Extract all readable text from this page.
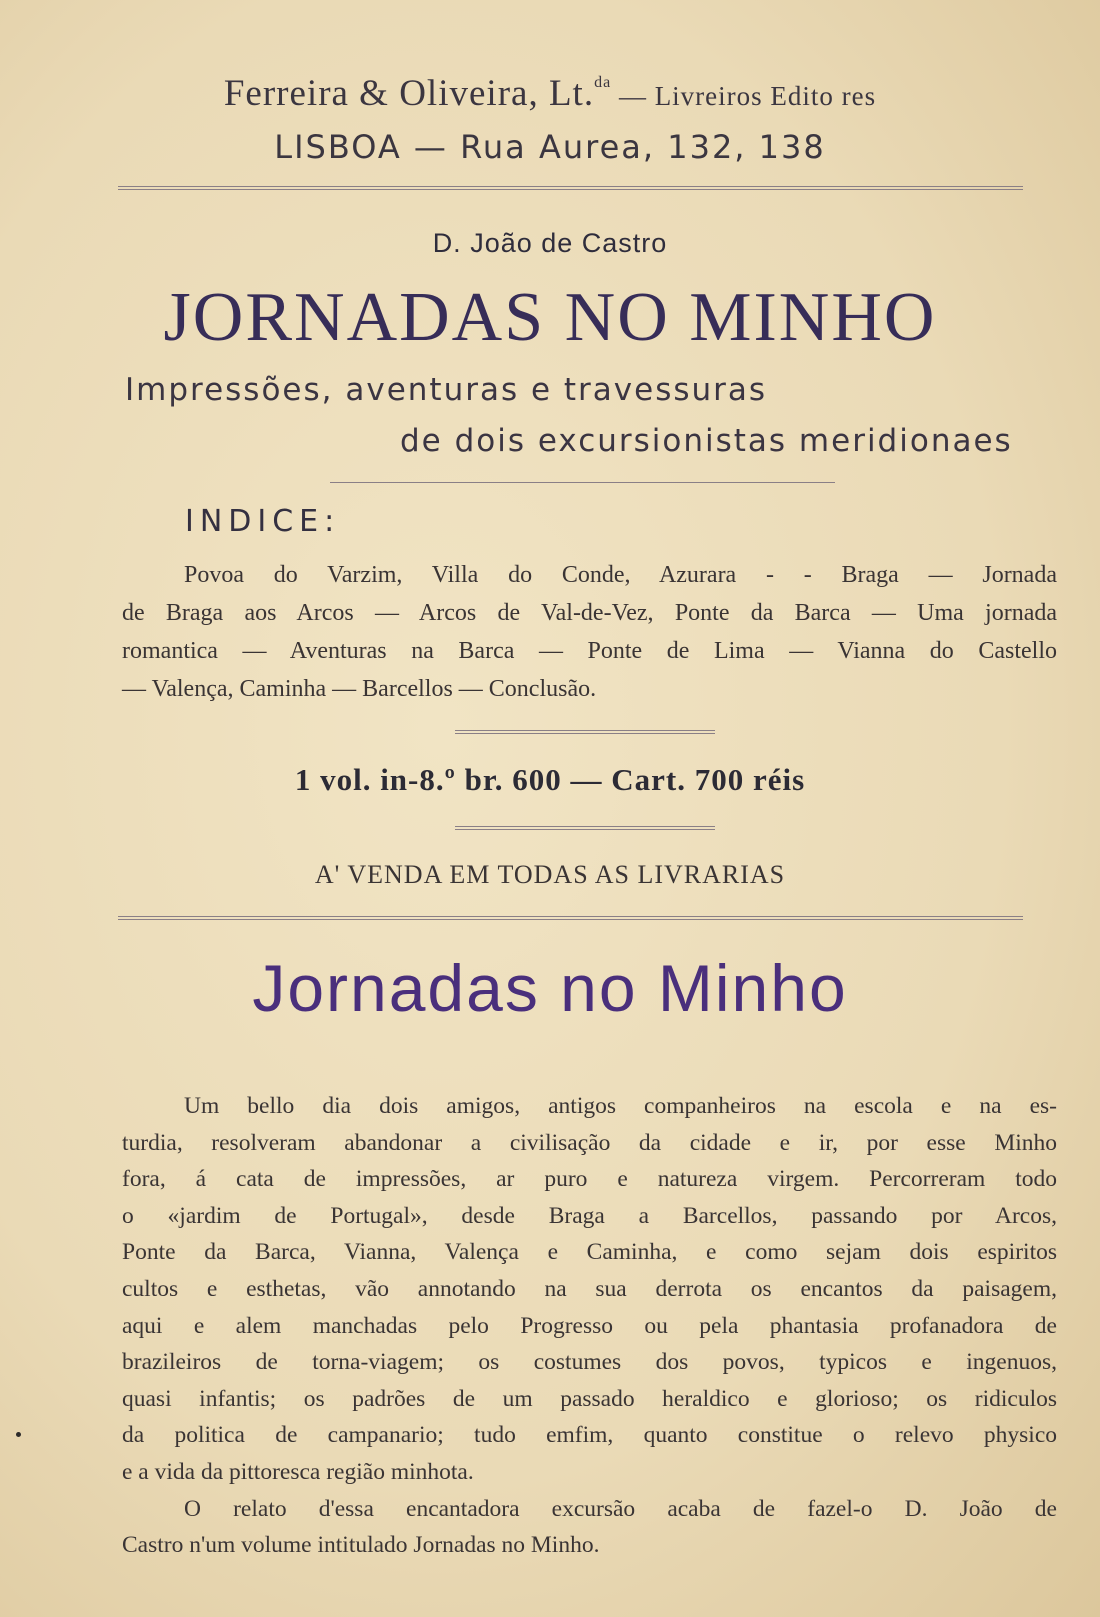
Ferreira & Oliveira, Lt.$^{da}$ — Livreiros Edito res
LISBOA — Rua Aurea, 132, 138
D. João de Castro
JORNADAS NO MINHO
Impressões, aventuras e travessuras
de dois excursionistas meridionaes
INDICE:
Povoa do Varzim, Villa do Conde, Azurara - - Braga — Jornada
de Braga aos Arcos — Arcos de Val-de-Vez, Ponte da Barca — Uma jornada
romantica — Aventuras na Barca — Ponte de Lima — Vianna do Castello
— Valença, Caminha — Barcellos — Conclusão.
1 vol. in-8.º br. 600 — Cart. 700 réis
A' VENDA EM TODAS AS LIVRARIAS
Jornadas no Minho
Um bello dia dois amigos, antigos companheiros na escola e na es-
turdia, resolveram abandonar a civilisação da cidade e ir, por esse Minho
fora, á cata de impressões, ar puro e natureza virgem. Percorreram todo
o «jardim de Portugal», desde Braga a Barcellos, passando por Arcos,
Ponte da Barca, Vianna, Valença e Caminha, e como sejam dois espiritos
cultos e esthetas, vão annotando na sua derrota os encantos da paisagem,
aqui e alem manchadas pelo Progresso ou pela phantasia profanadora de
brazileiros de torna-viagem; os costumes dos povos, typicos e ingenuos,
quasi infantis; os padrões de um passado heraldico e glorioso; os ridiculos
da politica de campanario; tudo emfim, quanto constitue o relevo physico
e a vida da pittoresca região minhota.
O relato d'essa encantadora excursão acaba de fazel-o D. João de
Castro n'um volume intitulado Jornadas no Minho.
